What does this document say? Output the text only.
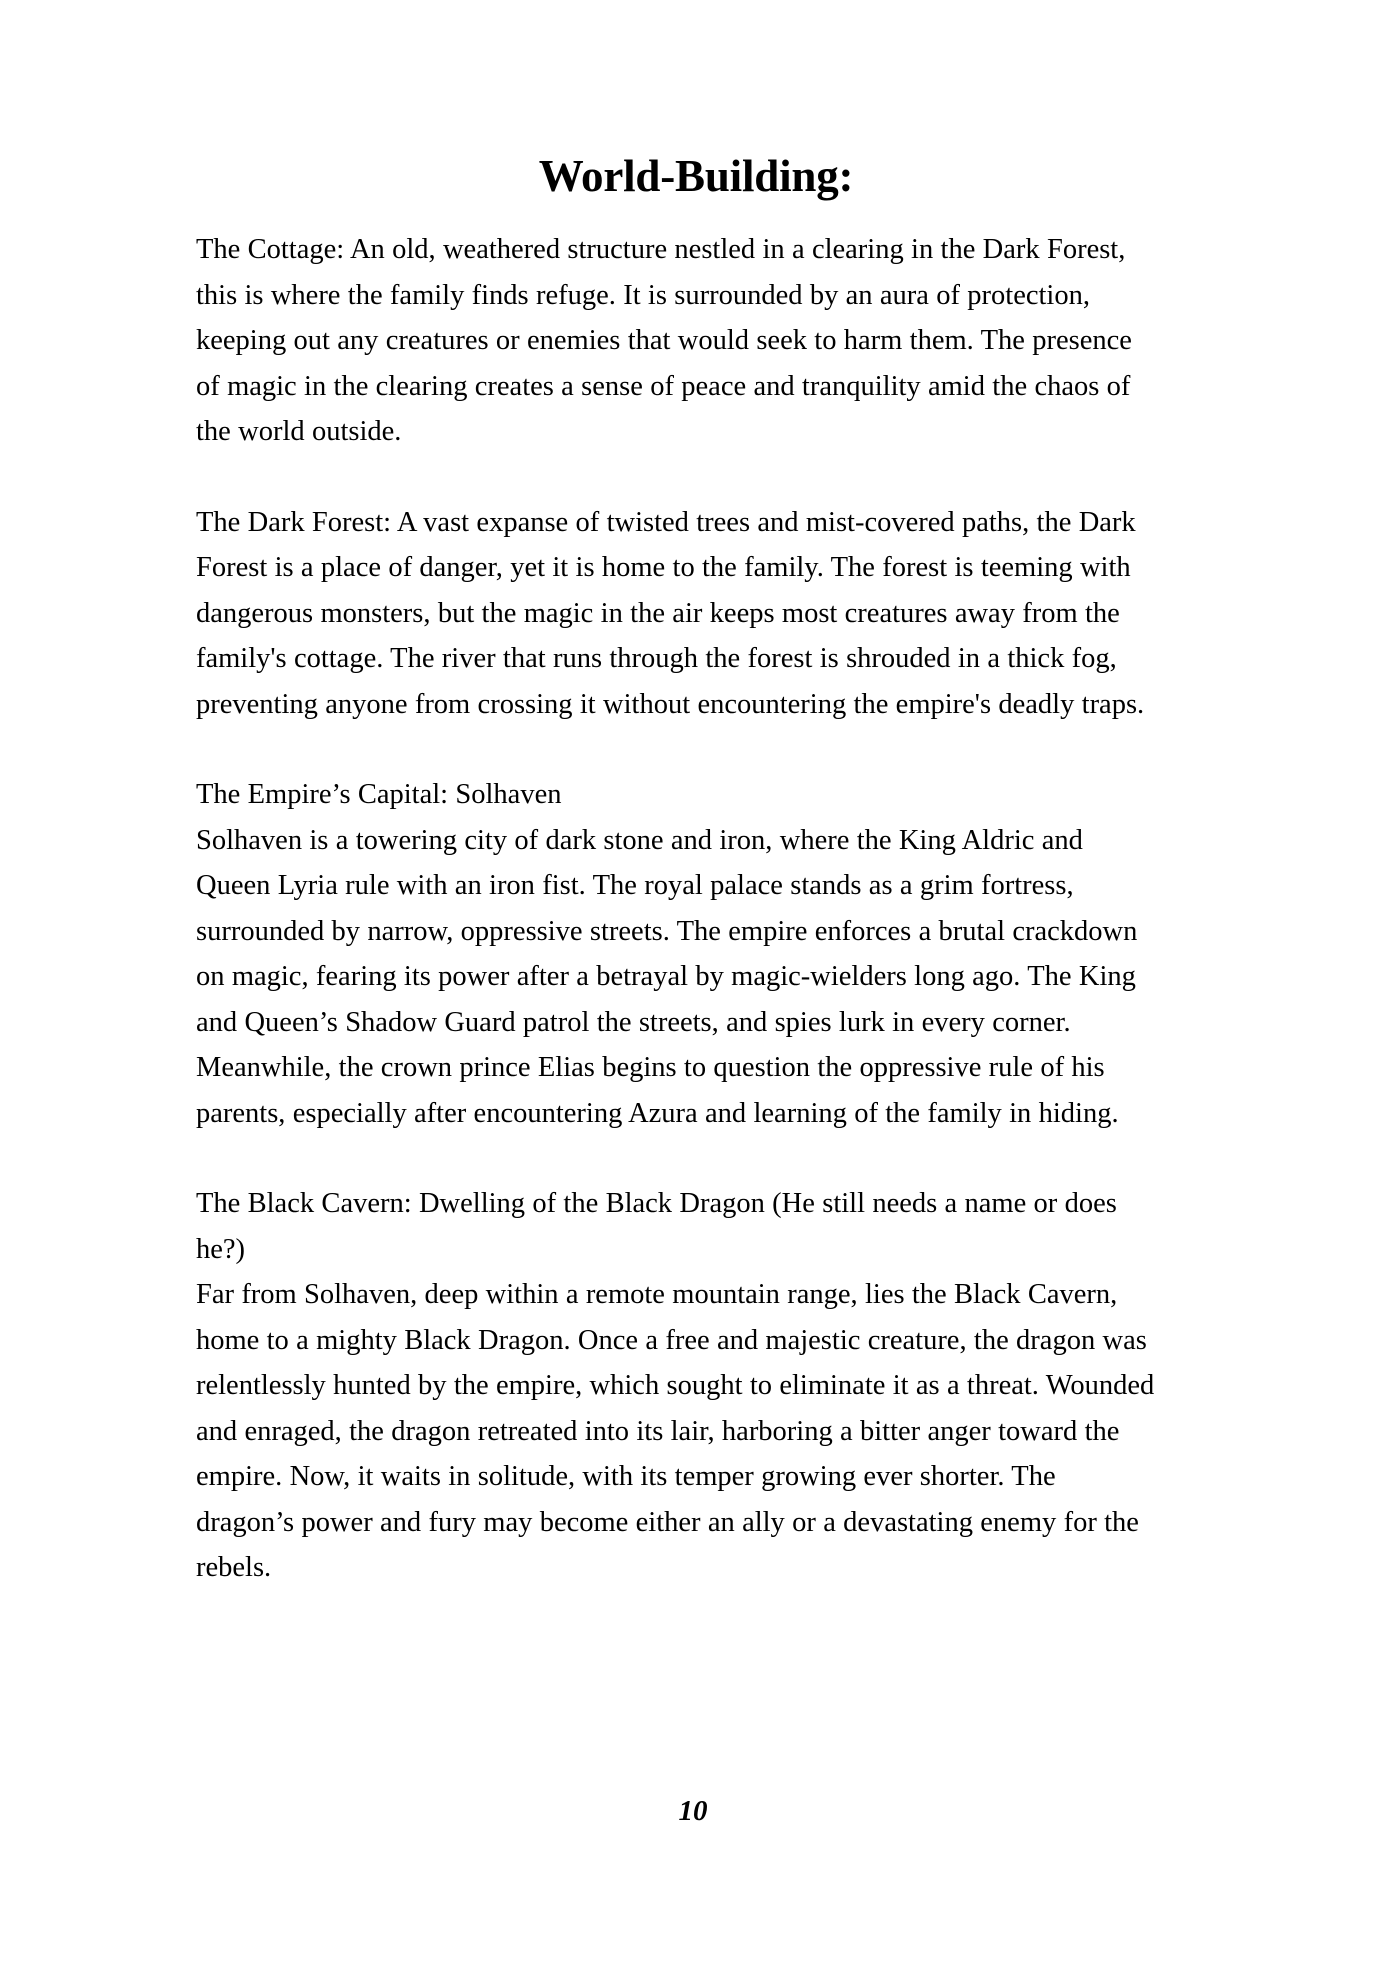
World-Building:

The Cottage: An old, weathered structure nestled in a clearing in the Dark Forest, this is where the family finds refuge. It is surrounded by an aura of protection, keeping out any creatures or enemies that would seek to harm them. The presence of magic in the clearing creates a sense of peace and tranquility amid the chaos of the world outside.

The Dark Forest: A vast expanse of twisted trees and mist-covered paths, the Dark Forest is a place of danger, yet it is home to the family. The forest is teeming with dangerous monsters, but the magic in the air keeps most creatures away from the family's cottage. The river that runs through the forest is shrouded in a thick fog, preventing anyone from crossing it without encountering the empire's deadly traps.

The Empire’s Capital: Solhaven

Solhaven is a towering city of dark stone and iron, where the King Aldric and Queen Lyria rule with an iron fist. The royal palace stands as a grim fortress, surrounded by narrow, oppressive streets. The empire enforces a brutal crackdown on magic, fearing its power after a betrayal by magic-wielders long ago. The King and Queen’s Shadow Guard patrol the streets, and spies lurk in every corner. Meanwhile, the crown prince Elias begins to question the oppressive rule of his parents, especially after encountering Azura and learning of the family in hiding.

The Black Cavern: Dwelling of the Black Dragon (He still needs a name or does he?)

Far from Solhaven, deep within a remote mountain range, lies the Black Cavern, home to a mighty Black Dragon. Once a free and majestic creature, the dragon was relentlessly hunted by the empire, which sought to eliminate it as a threat. Wounded and enraged, the dragon retreated into its lair, harboring a bitter anger toward the empire. Now, it waits in solitude, with its temper growing ever shorter. The dragon’s power and fury may become either an ally or a devastating enemy for the rebels.

10
